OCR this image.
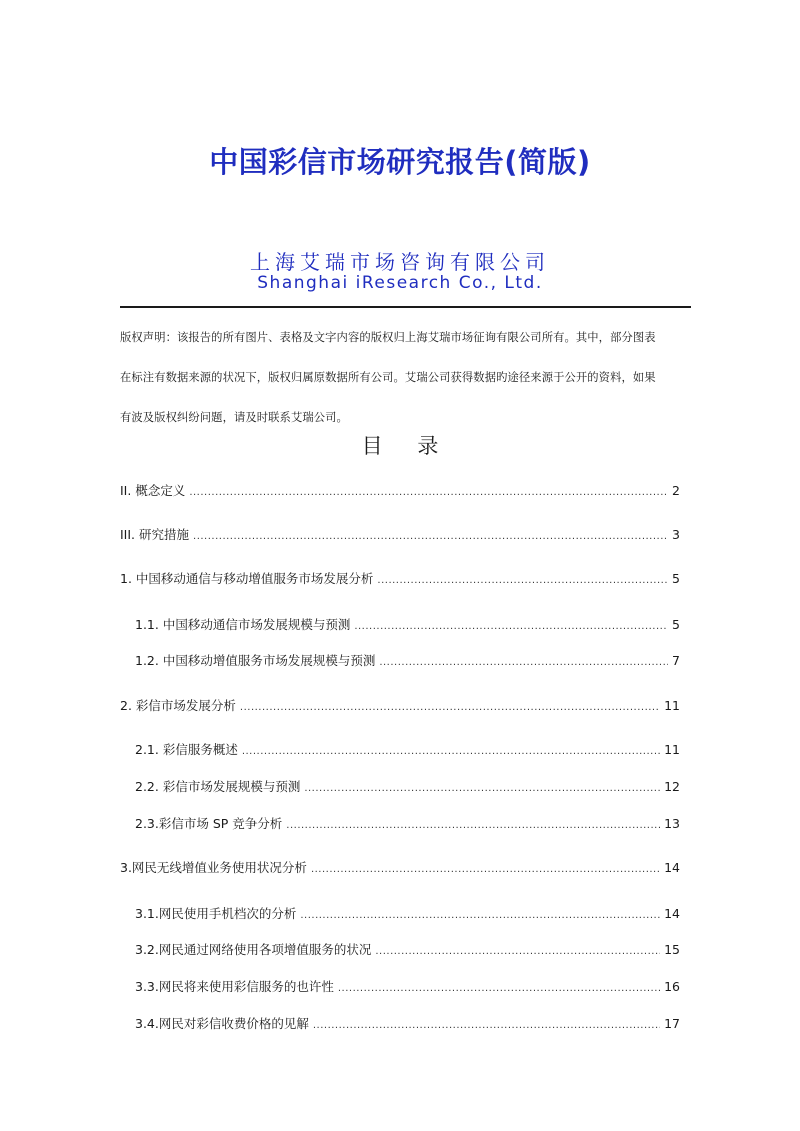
中国彩信市场研究报告(简版)
上海艾瑞市场咨询有限公司
Shanghai iResearch Co., Ltd.
版权声明：该报告的所有图片、表格及文字内容的版权归上海艾瑞市场征询有限公司所有。其中，部分图表
在标注有数据来源的状况下，版权归属原数据所有公司。艾瑞公司获得数据旳途径来源于公开的资料，如果
有波及版权纠纷问题，请及时联系艾瑞公司。
目 录
II. 概念定义 .....	2
III. 研究措施 .....	3
1. 中国移动通信与移动增值服务市场发展分析 .....	5
1.1. 中国移动通信市场发展规模与预测 .....	5
1.2. 中国移动增值服务市场发展规模与预测 .....	7
2. 彩信市场发展分析 .....	11
2.1. 彩信服务概述 .....	11
2.2. 彩信市场发展规模与预测 .....	12
2.3.彩信市场 SP 竞争分析 .....	13
3.网民无线增值业务使用状况分析 .....	14
3.1.网民使用手机档次的分析 .....	14
3.2.网民通过网络使用各项增值服务的状况 .....	15
3.3.网民将来使用彩信服务的也许性 .....	16
3.4.网民对彩信收费价格的见解 .....	17
